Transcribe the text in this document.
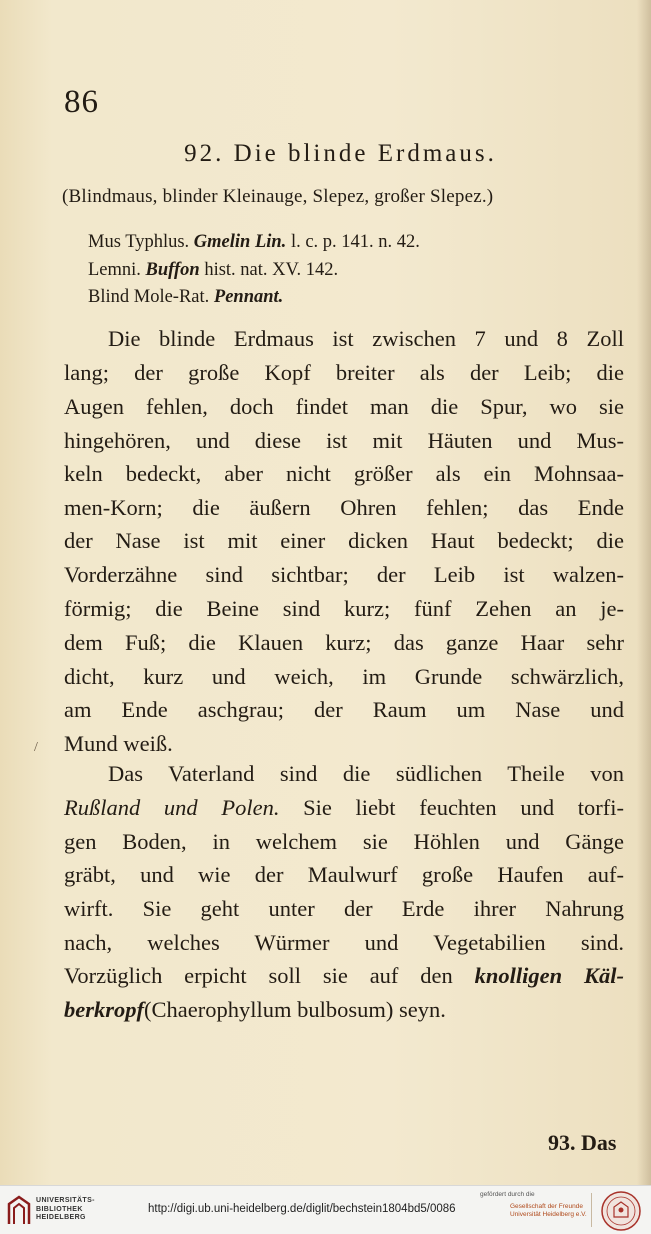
86
92. Die blinde Erdmaus.
(Blindmaus, blinder Kleinauge, Slepez, großer Slepez.)
Mus Typhlus. Gmelin Lin. l. c. p. 141. n. 42.
Lemni. Buffon hist. nat. XV. 142.
Blind Mole-Rat. Pennant.
Die blinde Erdmaus ist zwischen 7 und 8 Zoll
lang; der große Kopf breiter als der Leib; die
Augen fehlen, doch findet man die Spur, wo sie
hingehören, und diese ist mit Häuten und Mus-
keln bedeckt, aber nicht größer als ein Mohnsaa-
men-Korn; die äußern Ohren fehlen; das Ende
der Nase ist mit einer dicken Haut bedeckt; die
Vorderzähne sind sichtbar; der Leib ist walzen-
förmig; die Beine sind kurz; fünf Zehen an je-
dem Fuß; die Klauen kurz; das ganze Haar sehr
dicht, kurz und weich, im Grunde schwärzlich,
am Ende aschgrau; der Raum um Nase und
Mund weiß.
/
Das Vaterland sind die südlichen Theile von
Rußland und Polen. Sie liebt feuchten und torfi-
gen Boden, in welchem sie Höhlen und Gänge
gräbt, und wie der Maulwurf große Haufen auf-
wirft. Sie geht unter der Erde ihrer Nahrung
nach, welches Würmer und Vegetabilien sind.
Vorzüglich erpicht soll sie auf den knolligen Käl-
berkropf(Chaerophyllum bulbosum) seyn.
93. Das
UNIVERSITÄTS-
BIBLIOTHEK
HEIDELBERG
http://digi.ub.uni-heidelberg.de/diglit/bechstein1804bd5/0086
gefördert durch die
Gesellschaft der Freunde
Universität Heidelberg e.V.
